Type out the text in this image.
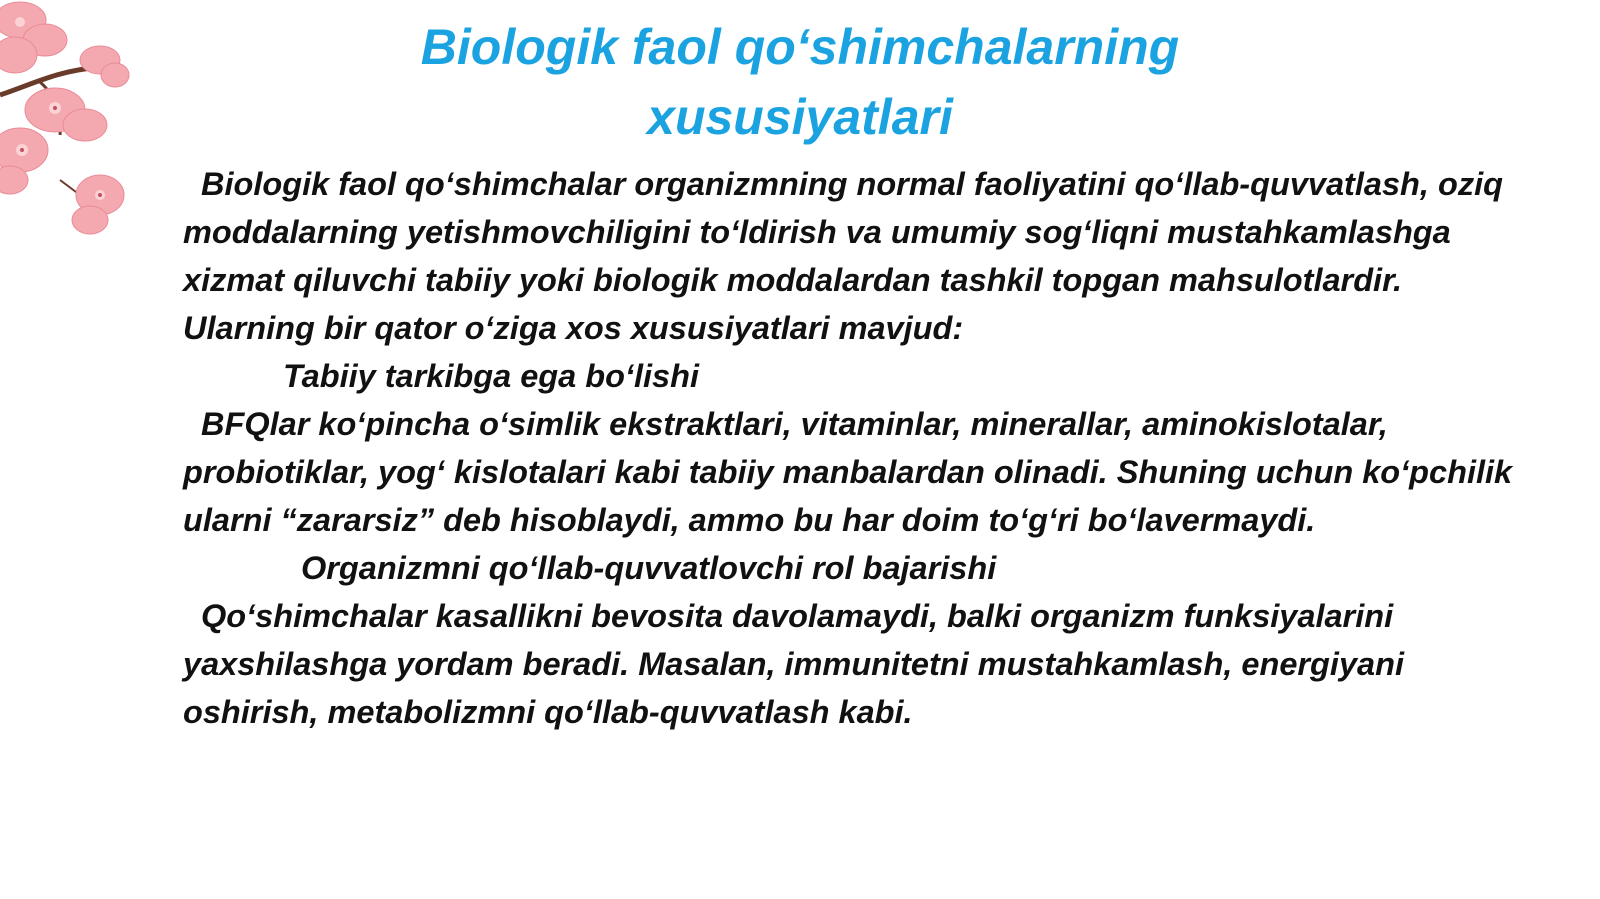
Biologik faol qo‘shimchalarning
xususiyatlari

Biologik faol qo‘shimchalar organizmning normal faoliyatini qo‘llab-quvvatlash, oziq moddalarning yetishmovchiligini to‘ldirish va umumiy sog‘liqni mustahkamlashga xizmat qiluvchi tabiiy yoki biologik moddalardan tashkil topgan mahsulotlardir. Ularning bir qator o‘ziga xos xususiyatlari mavjud:

Tabiiy tarkibga ega bo‘lishi

BFQlar ko‘pincha o‘simlik ekstraktlari, vitaminlar, minerallar, aminokislotalar, probiotiklar, yog‘ kislotalari kabi tabiiy manbalardan olinadi. Shuning uchun ko‘pchilik ularni “zararsiz” deb hisoblaydi, ammo bu har doim to‘g‘ri bo‘lavermaydi.

Organizmni qo‘llab-quvvatlovchi rol bajarishi

Qo‘shimchalar kasallikni bevosita davolamaydi, balki organizm funksiyalarini yaxshilashga yordam beradi. Masalan, immunitetni mustahkamlash, energiyani oshirish, metabolizmni qo‘llab-quvvatlash kabi.
